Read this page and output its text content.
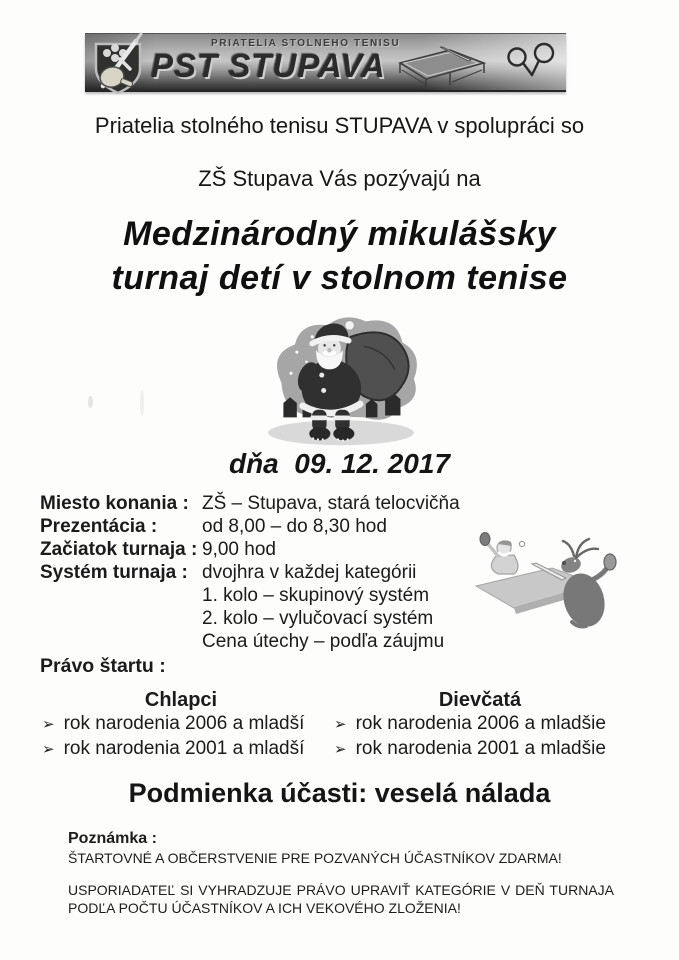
PRIATELIA STOLNEHO TENISU
PST STUPAVA
Priatelia stolného tenisu STUPAVA v spolupráci so
ZŠ Stupava Vás pozývajú na
Medzinárodný mikulášsky
turnaj detí v stolnom tenise
dňa  09. 12. 2017
Miesto konania : ZŠ – Stupava, stará telocvičňa
Prezentácia :	od 8,00 – do 8,30 hod
Začiatok turnaja : 9,00 hod
Systém turnaja : dvojhra v každej kategórii
1. kolo – skupinový systém
2. kolo – vylučovací systém
Cena útechy – podľa záujmu
Právo štartu :
Chlapci
➢ rok narodenia 2006 a mladší
➢ rok narodenia 2001 a mladší
Dievčatá
➢ rok narodenia 2006 a mladšie
➢ rok narodenia 2001 a mladšie
Podmienka účasti: veselá nálada
Poznámka :
ŠTARTOVNÉ A OBČERSTVENIE PRE POZVANÝCH ÚČASTNÍKOV ZDARMA!
USPORIADATEĽ SI VYHRADZUJE PRÁVO UPRAVIŤ KATEGÓRIE V DEŇ TURNAJA PODĽA POČTU ÚČASTNÍKOV A ICH VEKOVÉHO ZLOŽENIA!
